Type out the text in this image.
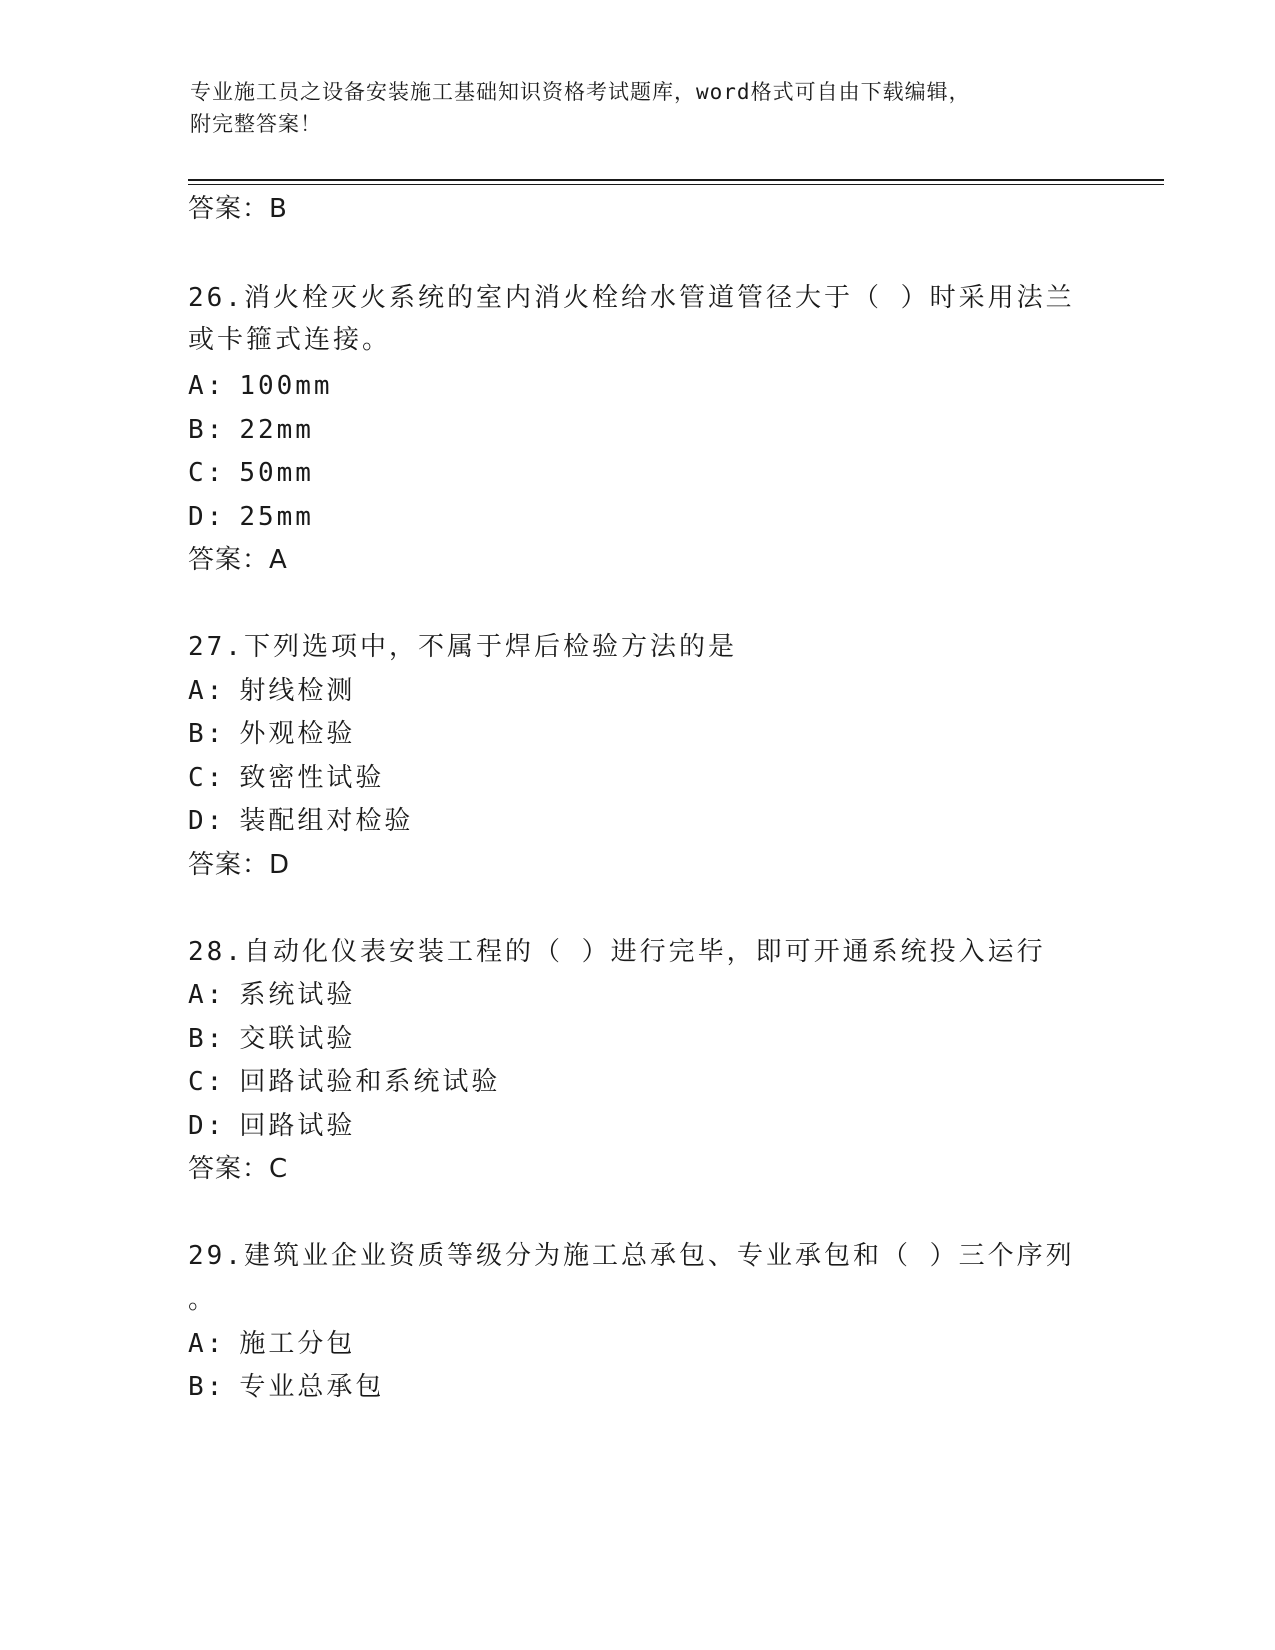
专业施工员之设备安装施工基础知识资格考试题库，word格式可自由下载编辑，
附完整答案！
答案：B
26.消火栓灭火系统的室内消火栓给水管道管径大于（ ）时采用法兰
或卡箍式连接。
A: 100mm
B: 22mm
C: 50mm
D: 25mm
答案：A
27.下列选项中，不属于焊后检验方法的是
A: 射线检测
B: 外观检验
C: 致密性试验
D: 装配组对检验
答案：D
28.自动化仪表安装工程的（ ）进行完毕，即可开通系统投入运行
A: 系统试验
B: 交联试验
C: 回路试验和系统试验
D: 回路试验
答案：C
29.建筑业企业资质等级分为施工总承包、专业承包和（ ）三个序列
。
A: 施工分包
B: 专业总承包
